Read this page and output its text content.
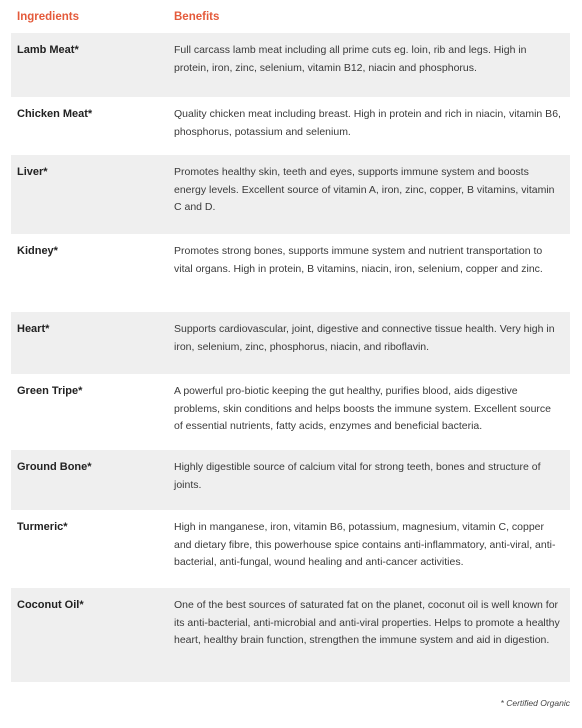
Ingredients	Benefits
Lamb Meat*	Full carcass lamb meat including all prime cuts eg. loin, rib and legs. High in protein, iron, zinc, selenium, vitamin B12, niacin and phosphorus.
Chicken Meat*	Quality chicken meat including breast. High in protein and rich in niacin, vitamin B6, phosphorus, potassium and selenium.
Liver*	Promotes healthy skin, teeth and eyes, supports immune system and boosts energy levels. Excellent source of vitamin A, iron, zinc, copper, B vitamins, vitamin C and D.
Kidney*	Promotes strong bones, supports immune system and nutrient transportation to vital organs. High in protein, B vitamins, niacin, iron, selenium, copper and zinc.
Heart*	Supports cardiovascular, joint, digestive and connective tissue health. Very high in iron, selenium, zinc, phosphorus, niacin, and riboflavin.
Green Tripe*	A powerful pro-biotic keeping the gut healthy, purifies blood, aids digestive problems, skin conditions and helps boosts the immune system. Excellent source of essential nutrients, fatty acids, enzymes and beneficial bacteria.
Ground Bone*	Highly digestible source of calcium vital for strong teeth, bones and structure of joints.
Turmeric*	High in manganese, iron, vitamin B6, potassium, magnesium, vitamin C, copper and dietary fibre, this powerhouse spice contains anti-inflammatory, anti-viral, anti-bacterial, anti-fungal, wound healing and anti-cancer activities.
Coconut Oil*	One of the best sources of saturated fat on the planet, coconut oil is well known for its anti-bacterial, anti-microbial and anti-viral properties. Helps to promote a healthy heart, healthy brain function, strengthen the immune system and aid in digestion.
* Certified Organic
